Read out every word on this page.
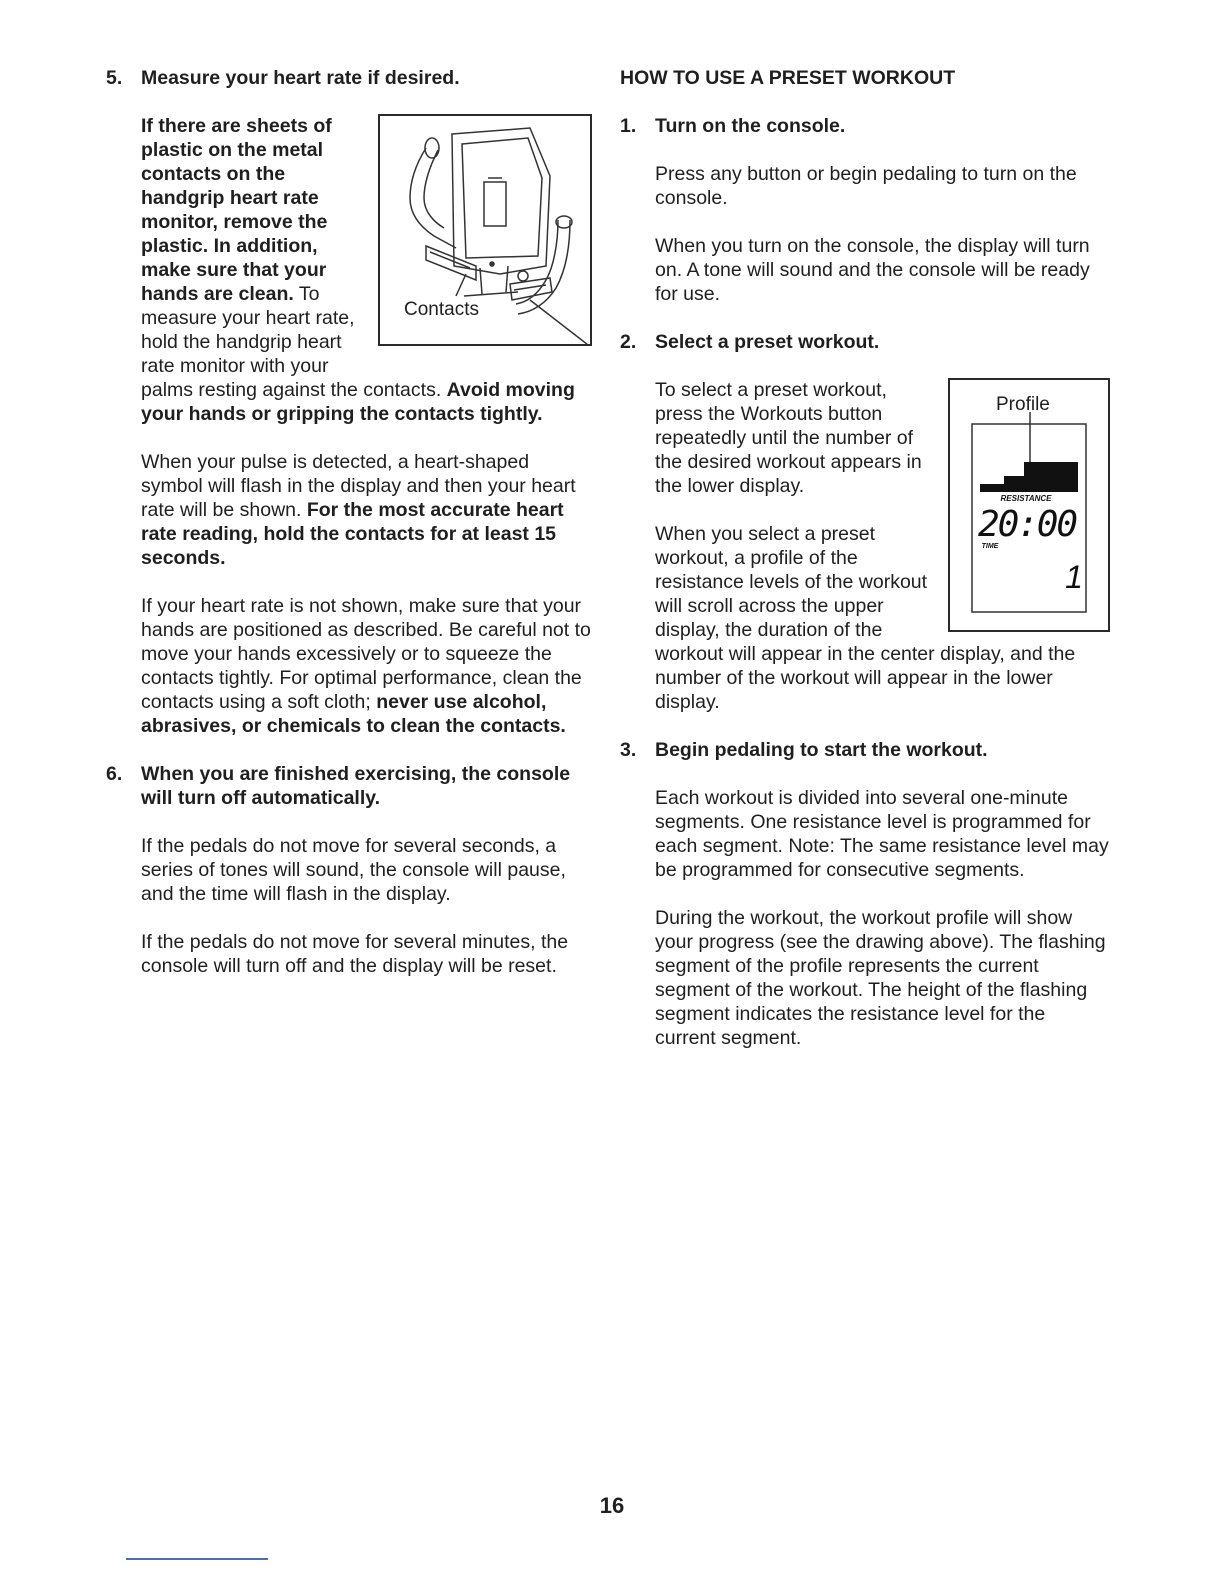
5. Measure your heart rate if desired.
Contacts
If there are sheets of plastic on the metal contacts on the handgrip heart rate monitor, remove the plastic. In addition, make sure that your hands are clean. To measure your heart rate, hold the handgrip heart rate monitor with your palms resting against the contacts. Avoid moving your hands or gripping the contacts tightly.
When your pulse is detected, a heart-shaped symbol will flash in the display and then your heart rate will be shown. For the most accurate heart rate reading, hold the contacts for at least 15 seconds.
If your heart rate is not shown, make sure that your hands are positioned as described. Be careful not to move your hands excessively or to squeeze the contacts tightly. For optimal performance, clean the contacts using a soft cloth; never use alcohol, abrasives, or chemicals to clean the contacts.
6. When you are finished exercising, the console will turn off automatically.

If the pedals do not move for several seconds, a series of tones will sound, the console will pause, and the time will flash in the display.

If the pedals do not move for several minutes, the console will turn off and the display will be reset.

HOW TO USE A PRESET WORKOUT
1. Turn on the console.

Press any button or begin pedaling to turn on the console.

When you turn on the console, the display will turn on. A tone will sound and the console will be ready for use.

2. Select a preset workout.
RESISTANCE
20:00
TIME
1
Profile

To select a preset workout, press the Workouts button repeatedly until the number of the desired workout appears in the lower display.

When you select a preset workout, a profile of the resistance levels of the workout will scroll across the upper display, the duration of the workout will appear in the center display, and the number of the workout will appear in the lower display.

3. Begin pedaling to start the workout.

Each workout is divided into several one-minute segments. One resistance level is programmed for each segment. Note: The same resistance level may be programmed for consecutive segments.

During the workout, the workout profile will show your progress (see the drawing above). The flashing segment of the profile represents the current segment of the workout. The height of the flashing segment indicates the resistance level for the current segment.

16
